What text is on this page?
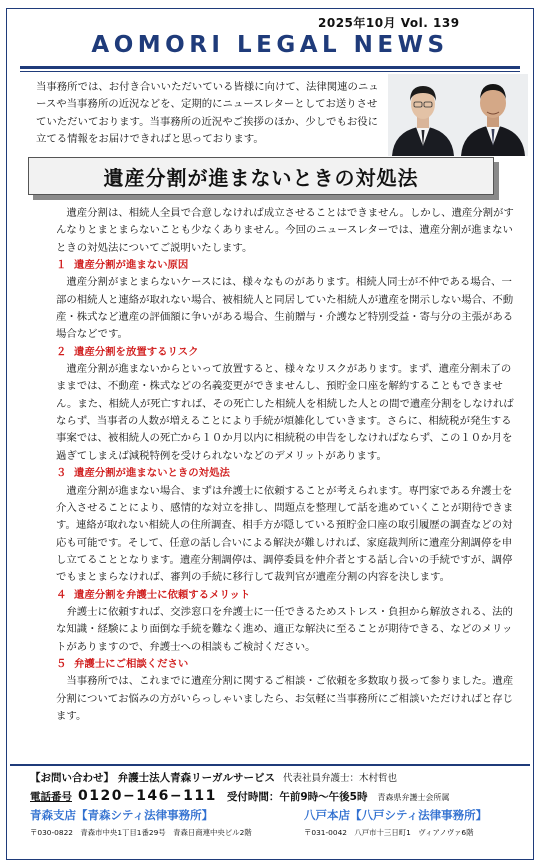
2025年10月 Vol. 139
AOMORI LEGAL NEWS
当事務所では、お付き合いいただいている皆様に向けて、法律関連のニュースや当事務所の近況などを、定期的にニュースレターとしてお送りさせていただいております。当事務所の近況やご挨拶のほか、少しでもお役に立てる情報をお届けできればと思っております。
遺産分割が進まないときの対処法

遺産分割は、相続人全員で合意しなければ成立させることはできません。しかし、遺産分割がすんなりとまとまらないことも少なくありません。今回のニュースレターでは、遺産分割が進まないときの対処法についてご説明いたします。

１ 遺産分割が進まない原因

遺産分割がまとまらないケースには、様々なものがあります。相続人同士が不仲である場合、一部の相続人と連絡が取れない場合、被相続人と同居していた相続人が遺産を開示しない場合、不動産・株式など遺産の評価額に争いがある場合、生前贈与・介護など特別受益・寄与分の主張がある場合などです。

２ 遺産分割を放置するリスク

遺産分割が進まないからといって放置すると、様々なリスクがあります。まず、遺産分割未了のままでは、不動産・株式などの名義変更ができませんし、預貯金口座を解約することもできません。また、相続人が死亡すれば、その死亡した相続人を相続した人との間で遺産分割をしなければならず、当事者の人数が増えることにより手続が煩雑化していきます。さらに、相続税が発生する事案では、被相続人の死亡から１０か月以内に相続税の申告をしなければならず、この１０か月を過ぎてしまえば減税特例を受けられないなどのデメリットがあります。

３ 遺産分割が進まないときの対処法

遺産分割が進まない場合、まずは弁護士に依頼することが考えられます。専門家である弁護士を介入させることにより、感情的な対立を排し、問題点を整理して話を進めていくことが期待できます。連絡が取れない相続人の住所調査、相手方が隠している預貯金口座の取引履歴の調査などの対応も可能です。そして、任意の話し合いによる解決が難しければ、家庭裁判所に遺産分割調停を申し立てることとなります。遺産分割調停は、調停委員を仲介者とする話し合いの手続ですが、調停でもまとまらなければ、審判の手続に移行して裁判官が遺産分割の内容を決します。

４ 遺産分割を弁護士に依頼するメリット

弁護士に依頼すれば、交渉窓口を弁護士に一任できるためストレス・負担から解放される、法的な知識・経験により面倒な手続を難なく進め、適正な解決に至ることが期待できる、などのメリットがありますので、弁護士への相談もご検討ください。

５ 弁護士にご相談ください

当事務所では、これまでに遺産分割に関するご相談・ご依頼を多数取り扱って参りました。遺産分割についてお悩みの方がいらっしゃいましたら、お気軽に当事務所にご相談いただければと存じます。

【お問い合わせ】 弁護士法人青森リーガルサービス 代表社員弁護士：木村哲也
電話番号 0120−146−111 受付時間：午前9時〜午後5時 青森県弁護士会所属
青森支店【青森シティ法律事務所】	八戸本店【八戸シティ法律事務所】
〒030-0822　青森市中央1丁目1番29号　青森日商連中央ビル2階	〒031-0042　八戸市十三日町1　ヴィアノヴァ6階
